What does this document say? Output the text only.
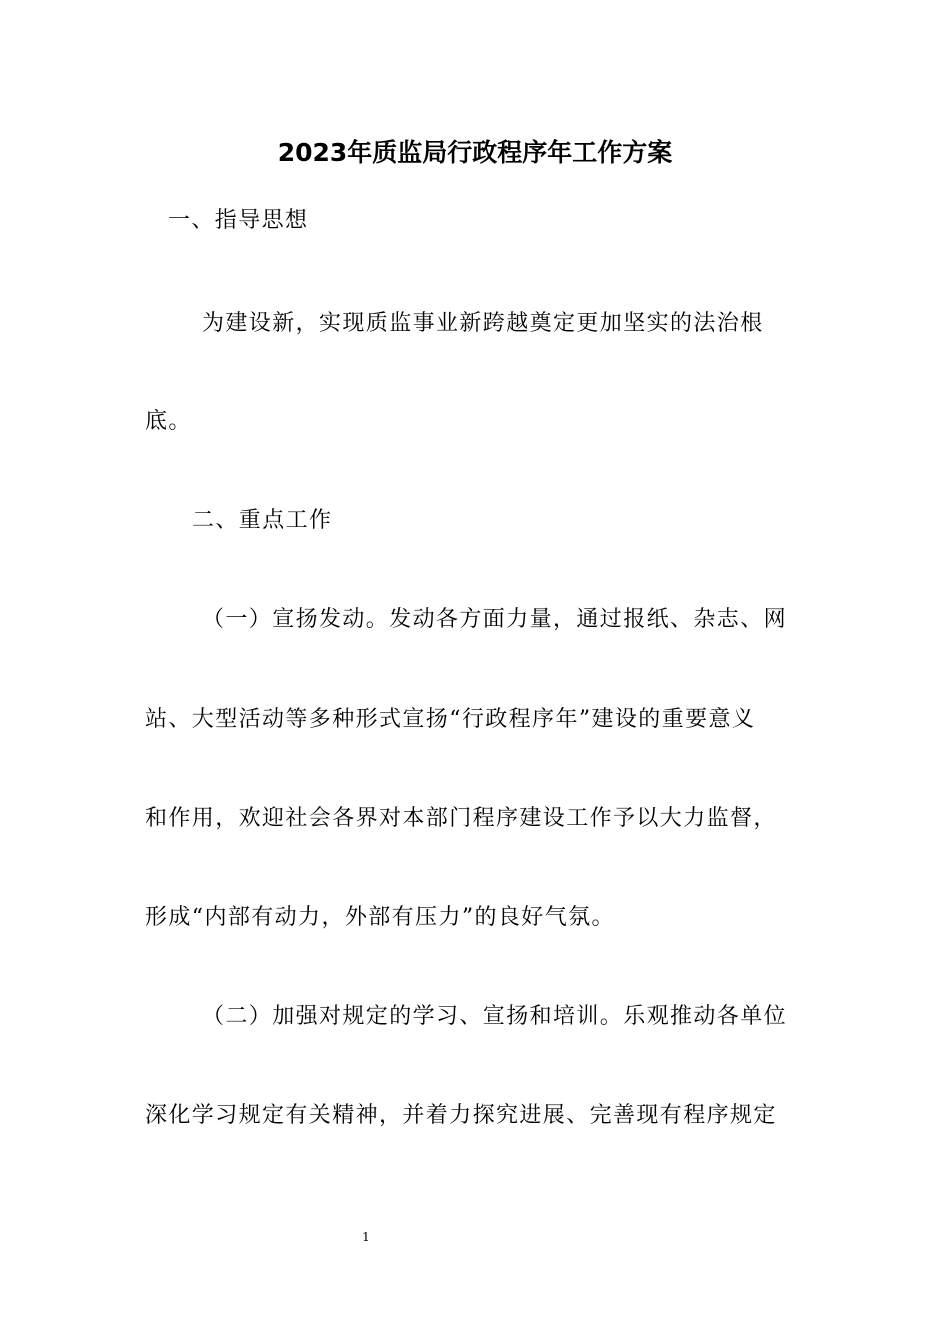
2023年质监局行政程序年工作方案

一、指导思想

为建设新，实现质监事业新跨越奠定更加坚实的法治根

底。

二、重点工作

（一）宣扬发动。发动各方面力量，通过报纸、杂志、网

站、大型活动等多种形式宣扬“行政程序年”建设的重要意义

和作用，欢迎社会各界对本部门程序建设工作予以大力监督，

形成“内部有动力，外部有压力”的良好气氛。

（二）加强对规定的学习、宣扬和培训。乐观推动各单位

深化学习规定有关精神，并着力探究进展、完善现有程序规定

1
